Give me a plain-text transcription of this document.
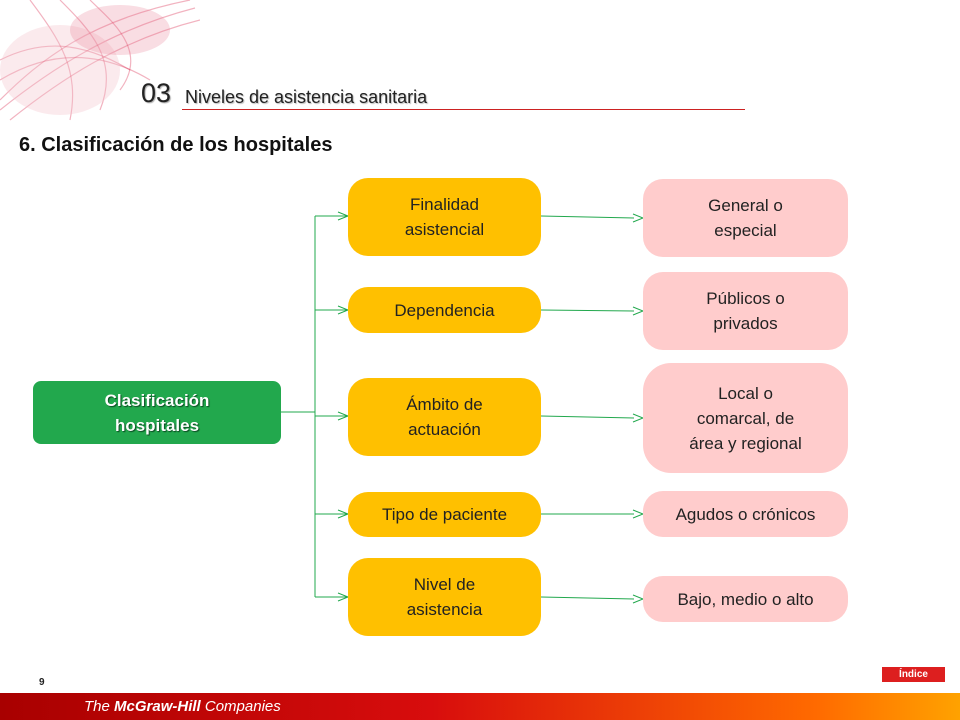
03 Niveles de asistencia sanitaria
6. Clasificación de los hospitales
Clasificación
hospitales
Finalidad
asistencial
Dependencia
Ámbito de
actuación
Tipo de paciente
Nivel de
asistencia
General o
especial
Públicos o
privados
Local o
comarcal, de
área y regional
Agudos o crónicos
Bajo, medio o alto
9
Índice
The McGraw-Hill Companies
